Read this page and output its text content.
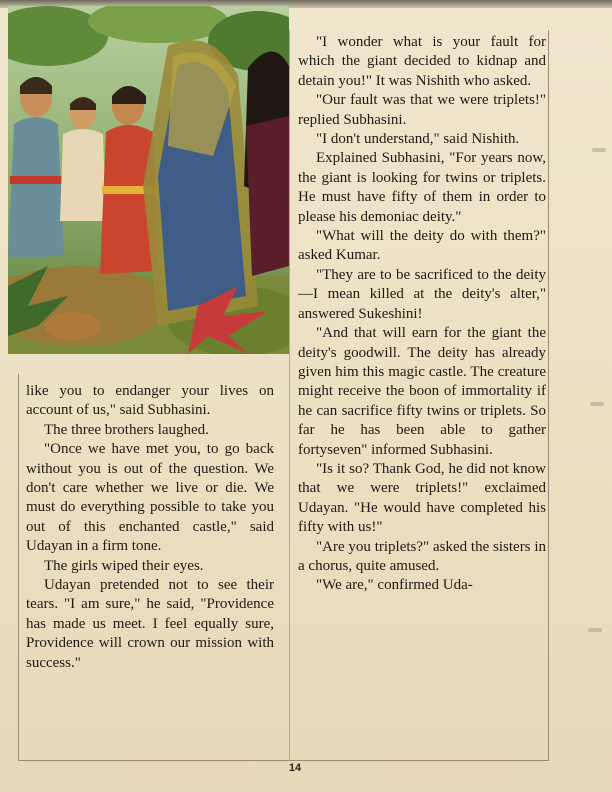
like you to endanger your lives on account of us," said Subhasini.

The three brothers laughed.

"Once we have met you, to go back without you is out of the question. We don't care whether we live or die. We must do everything possible to take you out of this enchanted castle," said Udayan in a firm tone.

The girls wiped their eyes.

Udayan pretended not to see their tears. "I am sure," he said, "Providence has made us meet. I feel equally sure, Providence will crown our mission with success."

"I wonder what is your fault for which the giant decided to kidnap and detain you!" It was Nishith who asked.

"Our fault was that we were triplets!" replied Subhasini.

"I don't understand," said Nishith.

Explained Subhasini, "For years now, the giant is looking for twins or triplets. He must have fifty of them in order to please his demoniac deity."

"What will the deity do with them?" asked Kumar.

"They are to be sacrificed to the deity—I mean killed at the deity's alter," answered Sukeshini!

"And that will earn for the giant the deity's goodwill. The deity has already given him this magic castle. The creature might receive the boon of immortality if he can sacrifice fifty twins or triplets. So far he has been able to gather fortyseven" informed Subhasini.

"Is it so? Thank God, he did not know that we were triplets!" exclaimed Udayan. "He would have completed his fifty with us!"

"Are you triplets?" asked the sisters in a chorus, quite amused.

"We are," confirmed Uda-

14
